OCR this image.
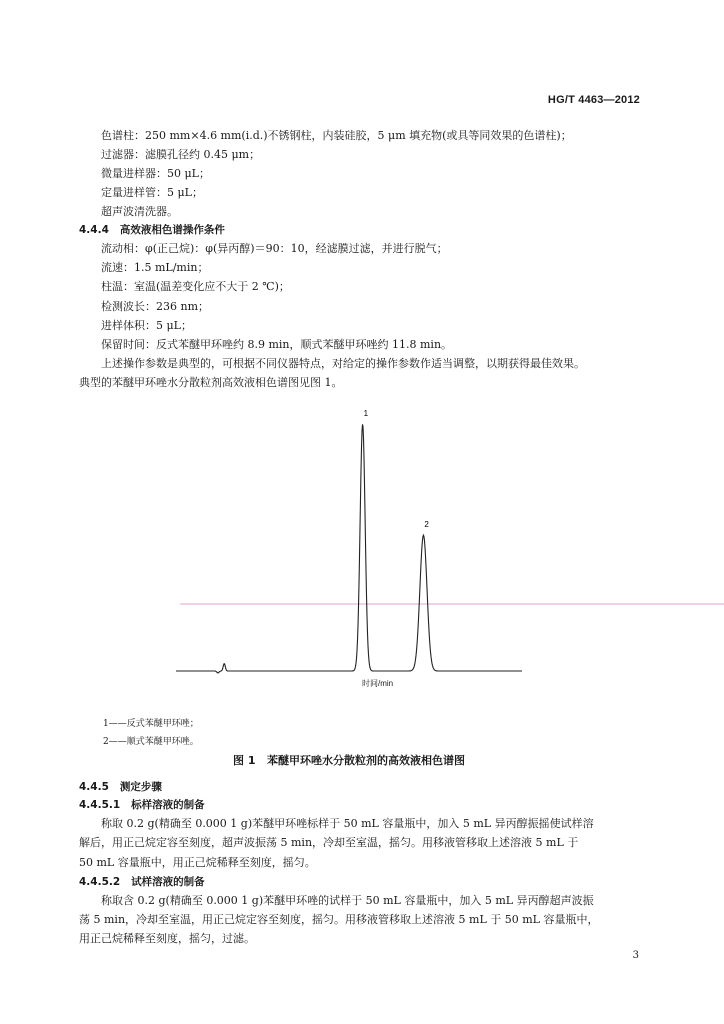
HG/T 4463—2012
色谱柱：250 mm×4.6 mm(i.d.)不锈钢柱，内装硅胶，5 μm 填充物(或具等同效果的色谱柱)；
过滤器：滤膜孔径约 0.45 μm；
微量进样器：50 μL；
定量进样管：5 μL；
超声波清洗器。
4.4.4 高效液相色谱操作条件
流动相：φ(正己烷)：φ(异丙醇)＝90：10，经滤膜过滤，并进行脱气；
流速：1.5 mL/min；
柱温：室温(温差变化应不大于 2 ℃)；
检测波长：236 nm；
进样体积：5 μL；
保留时间：反式苯醚甲环唑约 8.9 min，顺式苯醚甲环唑约 11.8 min。
上述操作参数是典型的，可根据不同仪器特点，对给定的操作参数作适当调整，以期获得最佳效果。
典型的苯醚甲环唑水分散粒剂高效液相色谱图见图 1。
1
2
时间/min
1——反式苯醚甲环唑；
2——顺式苯醚甲环唑。
图 1 苯醚甲环唑水分散粒剂的高效液相色谱图
4.4.5 测定步骤
4.4.5.1 标样溶液的制备
称取 0.2 g(精确至 0.000 1 g)苯醚甲环唑标样于 50 mL 容量瓶中，加入 5 mL 异丙醇振摇使试样溶
解后，用正己烷定容至刻度，超声波振荡 5 min，冷却至室温，摇匀。用移液管移取上述溶液 5 mL 于
50 mL 容量瓶中，用正己烷稀释至刻度，摇匀。
4.4.5.2 试样溶液的制备
称取含 0.2 g(精确至 0.000 1 g)苯醚甲环唑的试样于 50 mL 容量瓶中，加入 5 mL 异丙醇超声波振
荡 5 min，冷却至室温，用正己烷定容至刻度，摇匀。用移液管移取上述溶液 5 mL 于 50 mL 容量瓶中，
用正己烷稀释至刻度，摇匀，过滤。
3
